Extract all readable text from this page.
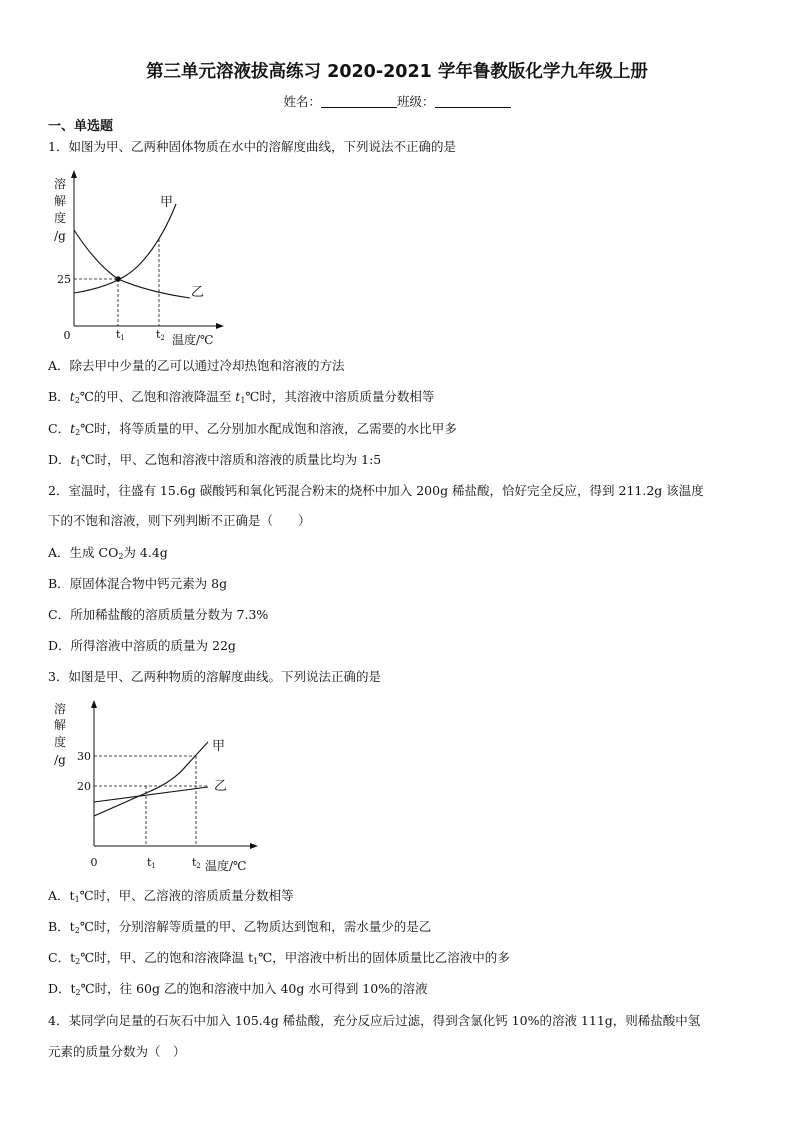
第三单元溶液拔高练习 2020-2021 学年鲁教版化学九年级上册
姓名：	班级：
一、单选题
1．如图为甲、乙两种固体物质在水中的溶解度曲线，下列说法不正确的是
溶
解
度
/g
25
0	t1	t2 温度/℃
甲
乙
A．除去甲中少量的乙可以通过冷却热饱和溶液的方法
B．$t_2℃$的甲、乙饱和溶液降温至 $t_1℃$时，其溶液中溶质质量分数相等
C．$t_2℃$时，将等质量的甲、乙分别加水配成饱和溶液，乙需要的水比甲多
D．$t_1℃$时，甲、乙饱和溶液中溶质和溶液的质量比均为 1:5
2．室温时，往盛有 15.6g 碳酸钙和氧化钙混合粉末的烧杯中加入 200g 稀盐酸，恰好完全反应，得到 211.2g 该温度
下的不饱和溶液，则下列判断不正确是（　　）
A．生成 $CO_2$为 4.4g
B．原固体混合物中钙元素为 8g
C．所加稀盐酸的溶质质量分数为 7.3%
D．所得溶液中溶质的质量为 22g
3．如图是甲、乙两种物质的溶解度曲线。下列说法正确的是
溶
解
度
/g 30
20
0	t1	t2 温度/℃
甲
乙
A．$t_1℃$时，甲、乙溶液的溶质质量分数相等
B．$t_2℃$时，分别溶解等质量的甲、乙物质达到饱和，需水量少的是乙
C．$t_2℃$时，甲、乙的饱和溶液降温 $t_1℃$，甲溶液中析出的固体质量比乙溶液中的多
D．$t_2℃$时，往 60g 乙的饱和溶液中加入 40g 水可得到 10%的溶液
4．某同学向足量的石灰石中加入 105.4g 稀盐酸，充分反应后过滤，得到含氯化钙 10%的溶液 111g，则稀盐酸中氢
元素的质量分数为（　）
